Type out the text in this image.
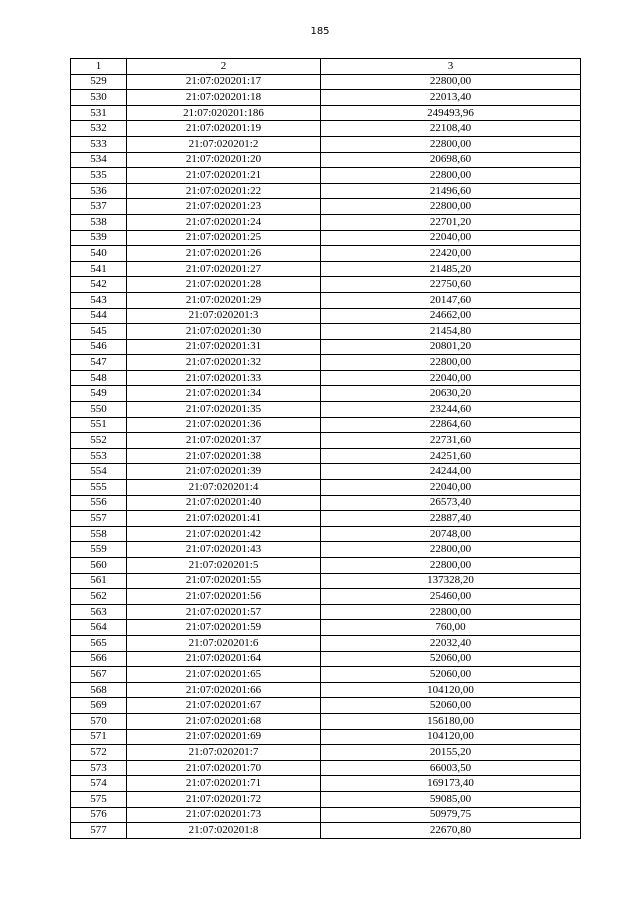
185
1	2	3
529	21:07:020201:17	22800,00
530	21:07:020201:18	22013,40
531	21:07:020201:186	249493,96
532	21:07:020201:19	22108,40
533	21:07:020201:2	22800,00
534	21:07:020201:20	20698,60
535	21:07:020201:21	22800,00
536	21:07:020201:22	21496,60
537	21:07:020201:23	22800,00
538	21:07:020201:24	22701,20
539	21:07:020201:25	22040,00
540	21:07:020201:26	22420,00
541	21:07:020201:27	21485,20
542	21:07:020201:28	22750,60
543	21:07:020201:29	20147,60
544	21:07:020201:3	24662,00
545	21:07:020201:30	21454,80
546	21:07:020201:31	20801,20
547	21:07:020201:32	22800,00
548	21:07:020201:33	22040,00
549	21:07:020201:34	20630,20
550	21:07:020201:35	23244,60
551	21:07:020201:36	22864,60
552	21:07:020201:37	22731,60
553	21:07:020201:38	24251,60
554	21:07:020201:39	24244,00
555	21:07:020201:4	22040,00
556	21:07:020201:40	26573,40
557	21:07:020201:41	22887,40
558	21:07:020201:42	20748,00
559	21:07:020201:43	22800,00
560	21:07:020201:5	22800,00
561	21:07:020201:55	137328,20
562	21:07:020201:56	25460,00
563	21:07:020201:57	22800,00
564	21:07:020201:59	760,00
565	21:07:020201:6	22032,40
566	21:07:020201:64	52060,00
567	21:07:020201:65	52060,00
568	21:07:020201:66	104120,00
569	21:07:020201:67	52060,00
570	21:07:020201:68	156180,00
571	21:07:020201:69	104120,00
572	21:07:020201:7	20155,20
573	21:07:020201:70	66003,50
574	21:07:020201:71	169173,40
575	21:07:020201:72	59085,00
576	21:07:020201:73	50979,75
577	21:07:020201:8	22670,80
